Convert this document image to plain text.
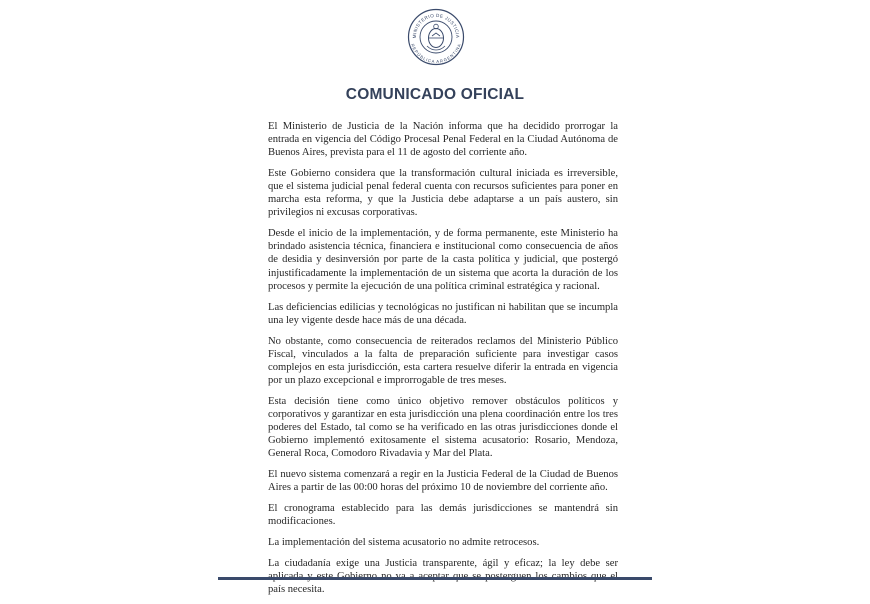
MINISTERIO DE JUSTICIA
REPÚBLICA ARGENTINA
COMUNICADO OFICIAL

El Ministerio de Justicia de la Nación informa que ha decidido prorrogar la entrada en vigencia del Código Procesal Penal Federal en la Ciudad Autónoma de Buenos Aires, prevista para el 11 de agosto del corriente año.

Este Gobierno considera que la transformación cultural iniciada es irreversible, que el sistema judicial penal federal cuenta con recursos suficientes para poner en marcha esta reforma, y que la Justicia debe adaptarse a un país austero, sin privilegios ni excusas corporativas.

Desde el inicio de la implementación, y de forma permanente, este Ministerio ha brindado asistencia técnica, financiera e institucional como consecuencia de años de desidia y desinversión por parte de la casta política y judicial, que postergó injustificadamente la implementación de un sistema que acorta la duración de los procesos y permite la ejecución de una política criminal estratégica y racional.

Las deficiencias edilicias y tecnológicas no justifican ni habilitan que se incumpla una ley vigente desde hace más de una década.

No obstante, como consecuencia de reiterados reclamos del Ministerio Público Fiscal, vinculados a la falta de preparación suficiente para investigar casos complejos en esta jurisdicción, esta cartera resuelve diferir la entrada en vigencia por un plazo excepcional e improrrogable de tres meses.

Esta decisión tiene como único objetivo remover obstáculos políticos y corporativos y garantizar en esta jurisdicción una plena coordinación entre los tres poderes del Estado, tal como se ha verificado en las otras jurisdicciones donde el Gobierno implementó exitosamente el sistema acusatorio: Rosario, Mendoza, General Roca, Comodoro Rivadavia y Mar del Plata.

El nuevo sistema comenzará a regir en la Justicia Federal de la Ciudad de Buenos Aires a partir de las 00:00 horas del próximo 10 de noviembre del corriente año.

El cronograma establecido para las demás jurisdicciones se mantendrá sin modificaciones.

La implementación del sistema acusatorio no admite retrocesos.

La ciudadanía exige una Justicia transparente, ágil y eficaz; la ley debe ser país necesita.
